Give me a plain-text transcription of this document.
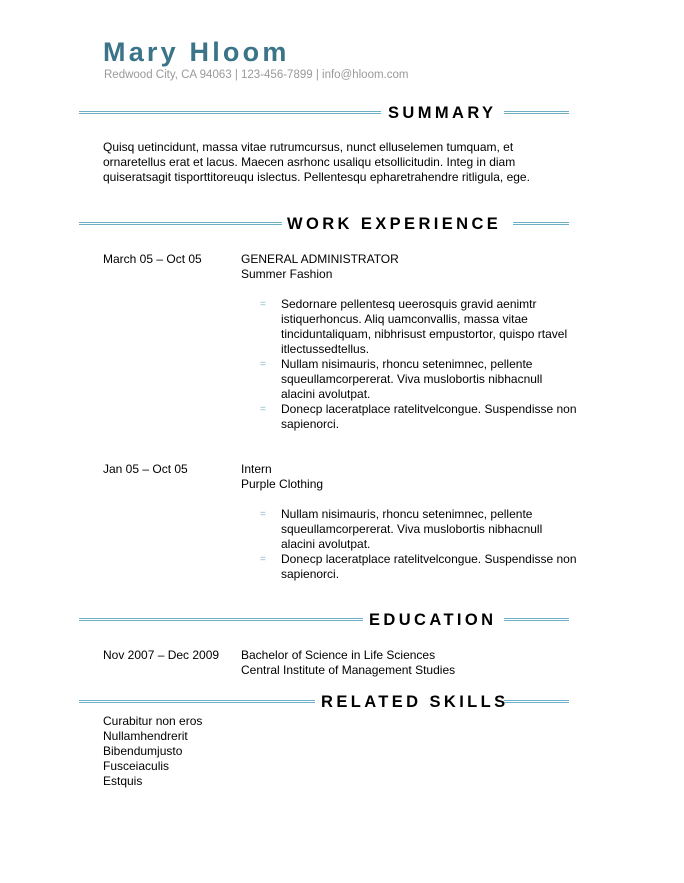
Mary Hloom
Redwood City, CA 94063 | 123-456-7899 | info@hloom.com
SUMMARY
Quisq uetincidunt, massa vitae rutrumcursus, nunct elluselemen tumquam, et
ornaretellus erat et lacus. Maecen asrhonc usaliqu etsollicitudin. Integ in diam
quiseratsagit tisporttitoreuqu islectus. Pellentesqu epharetrahendre ritligula, ege.
WORK EXPERIENCE
March 05 – Oct 05	GENERAL ADMINISTRATOR
Summer Fashion
= Sedornare pellentesq ueerosquis gravid aenimtr
istiquerhoncus. Aliq uamconvallis, massa vitae
tinciduntaliquam, nibhrisust empustortor, quispo rtavel
itlectussedtellus.
= Nullam nisimauris, rhoncu setenimnec, pellente
squeullamcorpererat. Viva muslobortis nibhacnull
alacini avolutpat.
= Donecp laceratplace ratelitvelcongue. Suspendisse non
sapienorci.
Jan 05 – Oct 05	Intern
Purple Clothing
= Nullam nisimauris, rhoncu setenimnec, pellente
squeullamcorpererat. Viva muslobortis nibhacnull
alacini avolutpat.
= Donecp laceratplace ratelitvelcongue. Suspendisse non
sapienorci.
EDUCATION
Nov 2007 – Dec 2009 Bachelor of Science in Life Sciences
Central Institute of Management Studies
RELATED SKILLS
Curabitur non eros
Nullamhendrerit
Bibendumjusto
Fusceiaculis
Estquis
